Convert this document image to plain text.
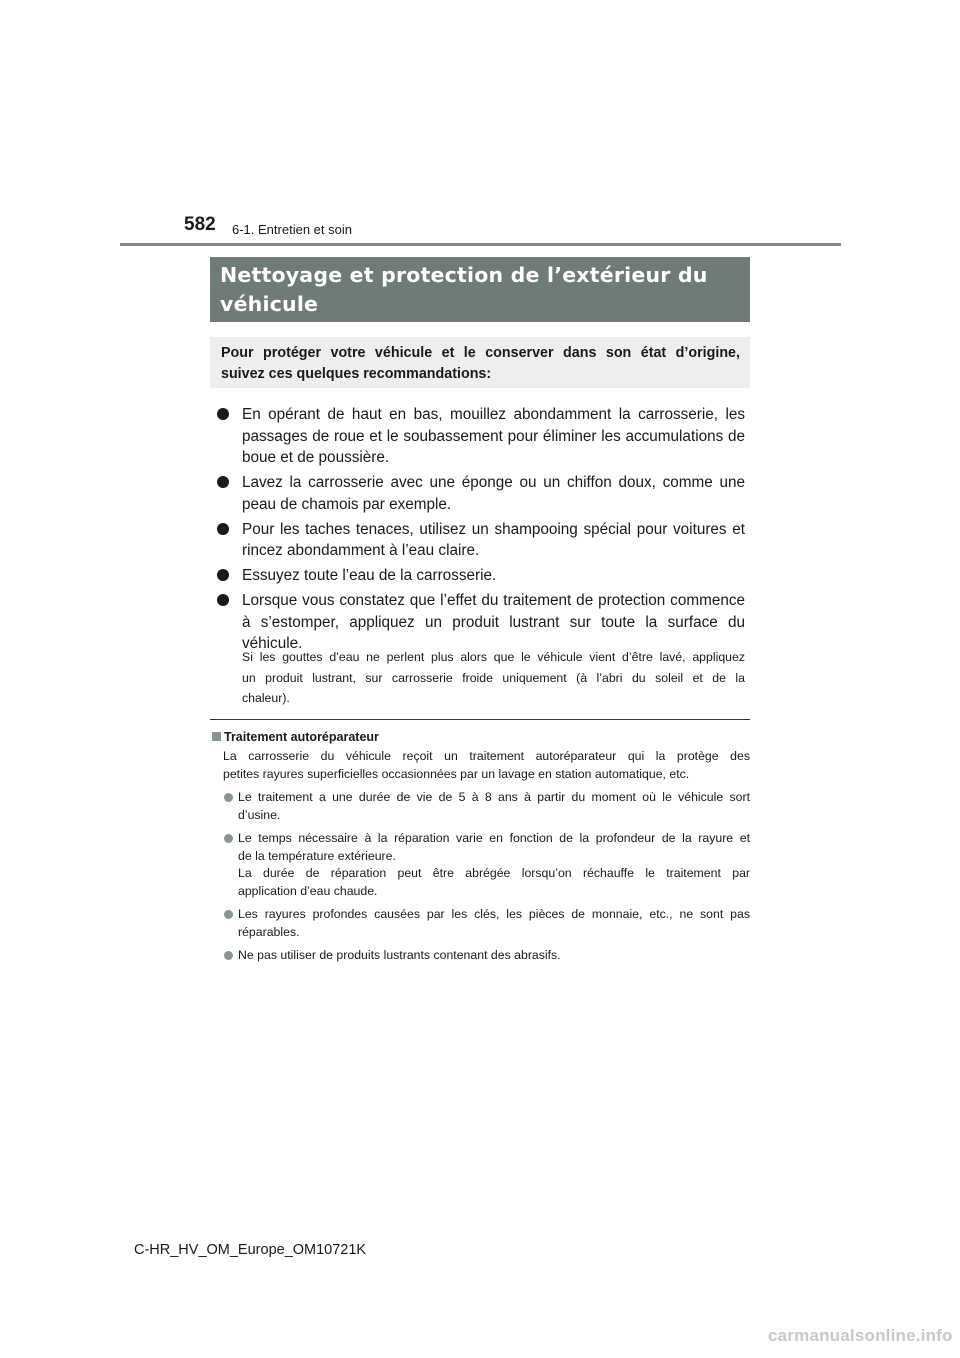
582 6-1. Entretien et soin
Nettoyage et protection de l’extérieur du
véhicule
Pour protéger votre véhicule et le conserver dans son état d’origine,
suivez ces quelques recommandations:
En opérant de haut en bas, mouillez abondamment la carrosserie, les
passages de roue et le soubassement pour éliminer les accumulations de
boue et de poussière.
Lavez la carrosserie avec une éponge ou un chiffon doux, comme une
peau de chamois par exemple.
Pour les taches tenaces, utilisez un shampooing spécial pour voitures et
rincez abondamment à l’eau claire.
Essuyez toute l’eau de la carrosserie.
Lorsque vous constatez que l’effet du traitement de protection commence
à s’estomper, appliquez un produit lustrant sur toute la surface du
véhicule.
Si les gouttes d’eau ne perlent plus alors que le véhicule vient d’être lavé, appliquez
un produit lustrant, sur carrosserie froide uniquement (à l’abri du soleil et de la
chaleur).
Traitement autoréparateur
La carrosserie du véhicule reçoit un traitement autoréparateur qui la protège des
petites rayures superficielles occasionnées par un lavage en station automatique, etc.
Le traitement a une durée de vie de 5 à 8 ans à partir du moment où le véhicule sort
d’usine.
Le temps nécessaire à la réparation varie en fonction de la profondeur de la rayure et
de la température extérieure.
La durée de réparation peut être abrégée lorsqu’on réchauffe le traitement par
application d’eau chaude.
Les rayures profondes causées par les clés, les pièces de monnaie, etc., ne sont pas
réparables.
Ne pas utiliser de produits lustrants contenant des abrasifs.
C-HR_HV_OM_Europe_OM10721K
carmanualsonline.info
